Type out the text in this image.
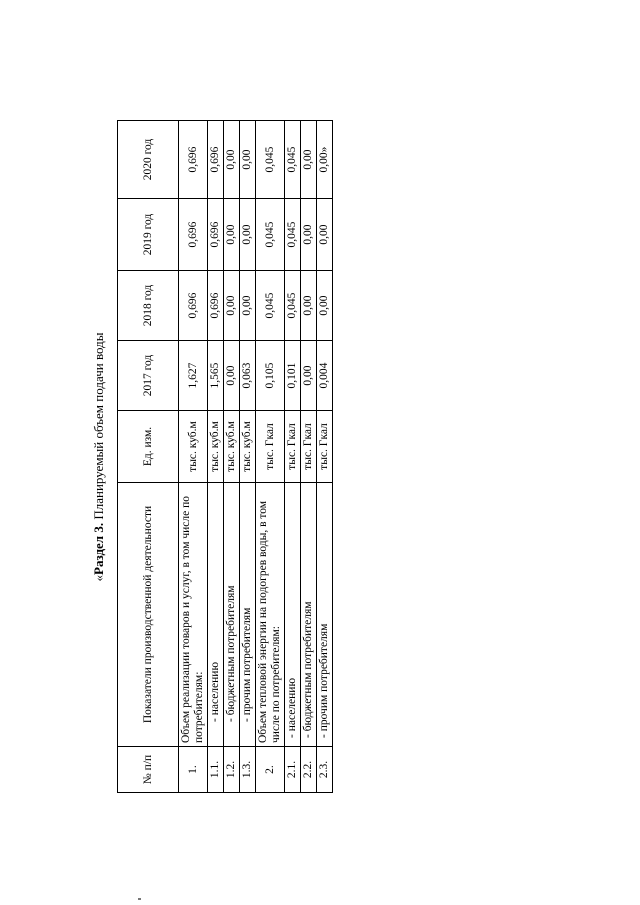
«Раздел 3. Планируемый объем подачи воды
№ п/п	Показатели производственной деятельности	Ед. изм.	2017 год	2018 год	2019 год	2020 год
1.	Объем реализации товаров и услуг, в том числе по потребителям:	тыс. куб.м	1,627	0,696	0,696	0,696
1.1.	- населению	тыс. куб.м	1,565	0,696	0,696	0,696
1.2.	- бюджетным потребителям	тыс. куб.м	0,00	0,00	0,00	0,00
1.3.	- прочим потребителям	тыс. куб.м	0,063	0,00	0,00	0,00
2.	Объем тепловой энергии на подогрев воды, в том числе по потребителям:	тыс. Гкал	0,105	0,045	0,045	0,045
2.1.	- населению	тыс. Гкал	0,101	0,045	0,045	0,045
2.2.	- бюджетным потребителям	тыс. Гкал	0,00	0,00	0,00	0,00
2.3.	- прочим потребителям	тыс. Гкал	0,004	0,00	0,00	0,00»
